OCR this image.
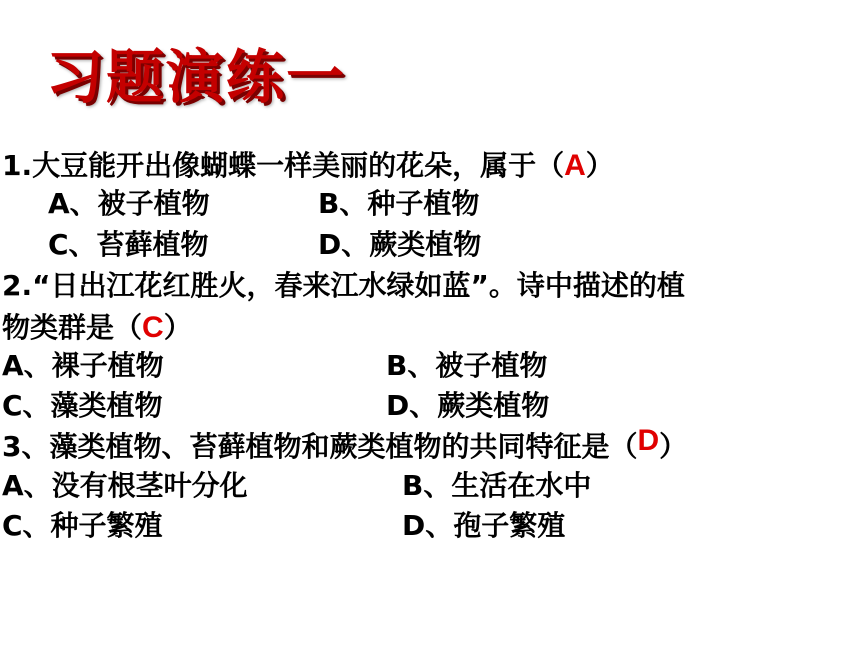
习题演练一
1.大豆能开出像蝴蝶一样美丽的花朵，属于（A）
A、被子植物	B、种子植物
C、苔藓植物	D、蕨类植物
2.“日出江花红胜火，春来江水绿如蓝”。诗中描述的植
物类群是（C）
A、裸子植物	B、被子植物
C、藻类植物	D、蕨类植物
3、藻类植物、苔藓植物和蕨类植物的共同特征是（D）
A、没有根茎叶分化	B、生活在水中
C、种子繁殖	D、孢子繁殖
